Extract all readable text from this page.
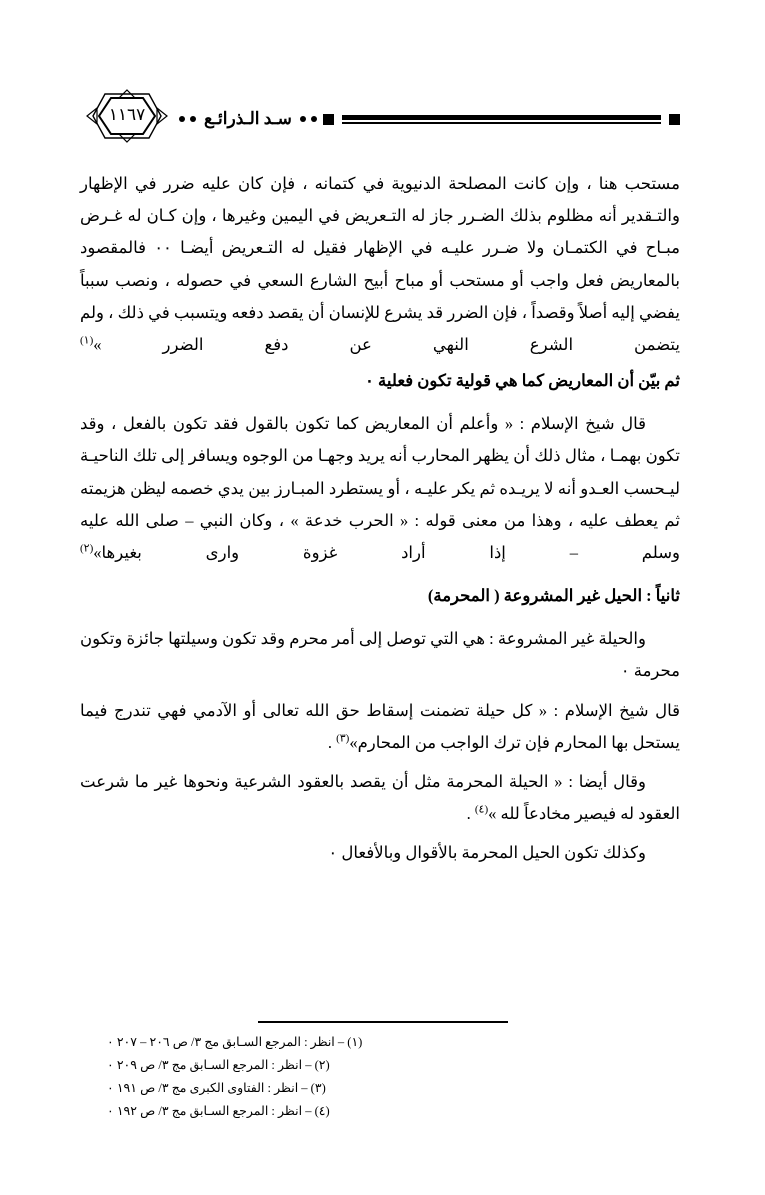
سـد الـذرائـع
١١٦٧

مستحب هنا ، وإن كانت المصلحة الدنيوية في كتمانه ، فإن كان عليه ضرر في الإظهار والتـقدير أنه مظلوم بذلك الضـرر جاز له التـعريض في اليمين وغيرها ، وإن كـان له غـرض مبـاح في الكتمـان ولا ضـرر عليـه في الإظهار فقيل له التـعريض أيضـا ٠٠ فالمقصود بالمعاريض فعل واجب أو مستحب أو مباح أبيح الشارع السعي في حصوله ، ونصب سبباً يفضي إليه أصلاً وقصداً ، فإن الضرر قد يشرع للإنسان أن يقصد دفعه ويتسبب في ذلك ، ولم يتضمن الشرع النهي عن دفع الضرر »$^{(١)}$

ثم بيّن أن المعاريض كما هي قولية تكون فعلية ٠

قال شيخ الإسلام : « وأعلم أن المعاريض كما تكون بالقول فقد تكون بالفعل ، وقد تكون بهمـا ، مثال ذلك أن يظهر المحارب أنه يريد وجهـا من الوجوه ويسافر إلى تلك الناحيـة ليـحسب العـدو أنه لا يريـده ثم يكر عليـه ، أو يستطرد المبـارز بين يدي خصمه ليظن هزيمته ثم يعطف عليه ، وهذا من معنى قوله : « الحرب خدعة » ، وكان النبي – صلى الله عليه وسلم – إذا أراد غزوة وارى بغيرها»$^{(٢)}$

ثانياً : الحيل غير المشروعة ( المحرمة)

والحيلة غير المشروعة : هي التي توصل إلى أمر محرم وقد تكون وسيلتها جائزة وتكون محرمة ٠

قال شيخ الإسلام : « كل حيلة تضمنت إسقاط حق الله تعالى أو الآدمي فهي تندرج فيما يستحل بها المحارم فإن ترك الواجب من المحارم»$^{(٣)}$ .

وقال أيضا : « الحيلة المحرمة مثل أن يقصد بالعقود الشرعية ونحوها غير ما شرعت العقود له فيصير مخادعاً لله »$^{(٤)}$ .

وكذلك تكون الحيل المحرمة بالأقوال وبالأفعال ٠

(١) – انظر : المرجع السـابق مج ٣/ ص ٢٠٦ – ٢٠٧ ٠
(٢) – انظر : المرجع السـابق مج ٣/ ص ٢٠٩ ٠
(٣) – انظر : الفتاوى الكبرى مج ٣/ ص ١٩١ ٠
(٤) – انظر : المرجع السـابق مج ٣/ ص ١٩٢ ٠
